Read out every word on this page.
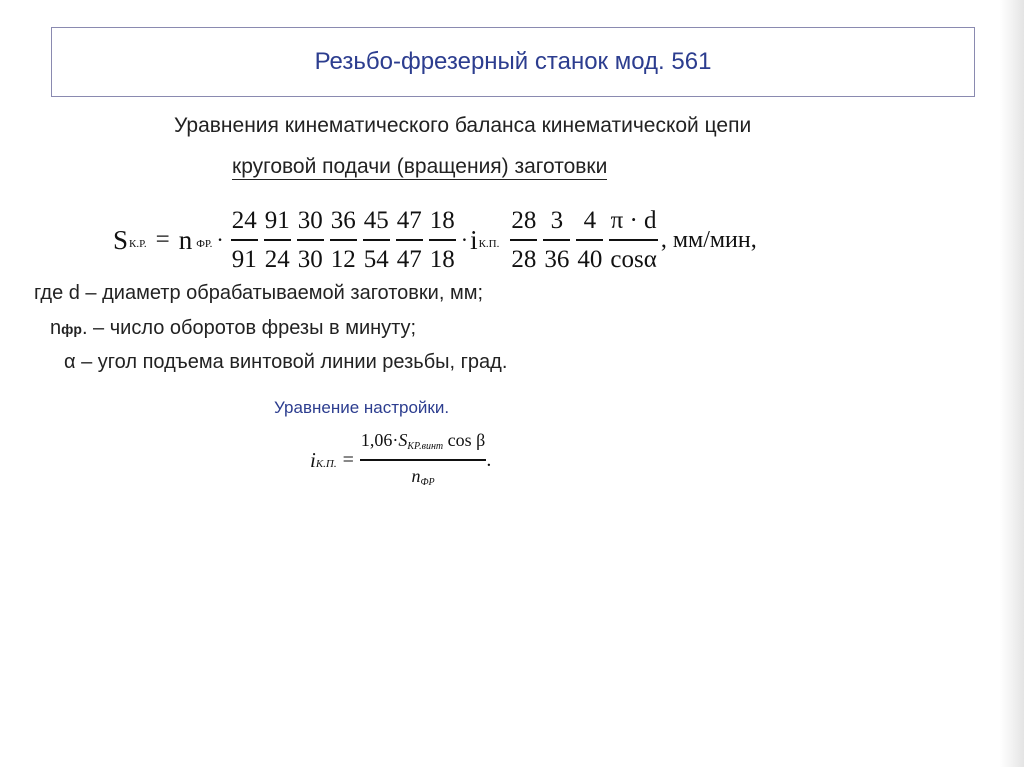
Резьбо-фрезерный станок мод. 561
Уравнения кинематического баланса кинематической цепи
круговой подачи (вращения) заготовки
S К.Р. = n ФР. · $\frac{24}{91} \frac{91}{24} \frac{30}{30} \frac{36}{12} \frac{45}{54} \frac{47}{47} \frac{18}{18} \cdot i$ К.П. $\frac{28}{28} \frac{3}{36} \frac{4}{40} \frac{\pi \cdot d}{\cos\alpha}$ , мм/мин,
где d – диаметр обрабатываемой заготовки, мм;
nфр. – число оборотов фрезы в минуту;
α – угол подъема винтовой линии резьбы, град.
Уравнение настройки.
i К.П. = $\frac{\text{1,06·SКР.винт cos β}}{\text{nФР}}$ .
